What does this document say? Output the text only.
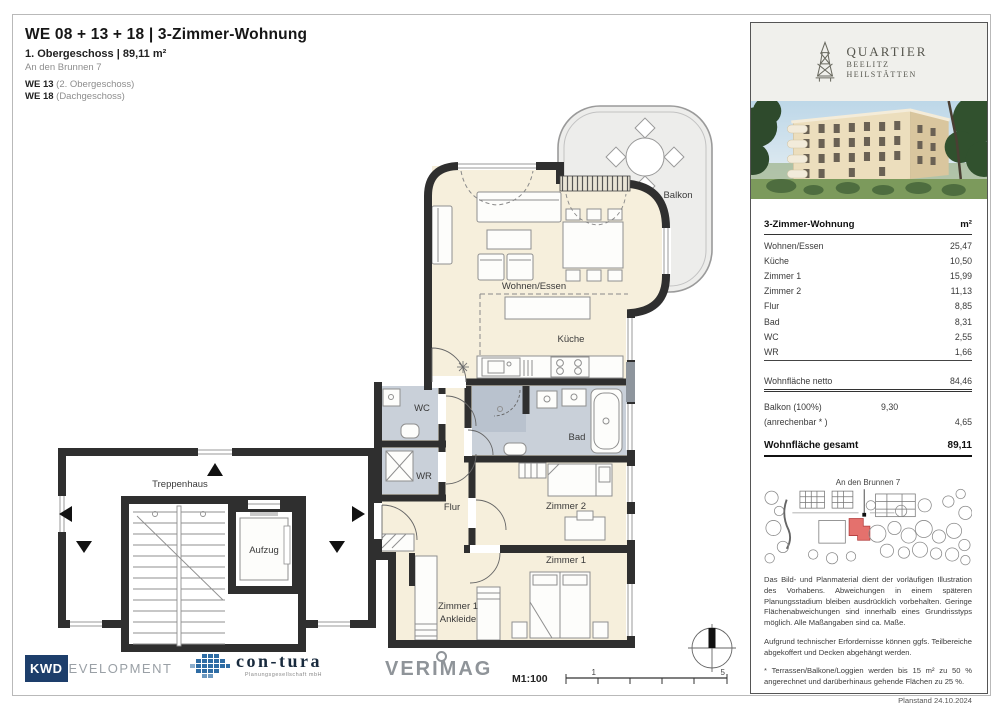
WE 08 + 13 + 18 | 3-Zimmer-Wohnung
1. Obergeschoss | 89,11 m²
An den Brunnen 7
WE 13 (2. Obergeschoss)
WE 18 (Dachgeschoss)
Wohnen/Essen
Küche
WC
WR
Bad
Flur	Zimmer 2
Zimmer 1
Zimmer 1
Ankleide
Treppenhaus
Aufzug
Balkon
M1:100
1	5
QUARTIER
BEELITZ
HEILSTÄTTEN
3-Zimmer-Wohnung	m²
Wohnen/Essen	25,47
Küche	10,50
Zimmer 1	15,99
Zimmer 2	11,13
Flur	8,85
Bad	8,31
WC	2,55
WR	1,66
Wohnfläche netto	84,46
Balkon (100%)	9,30
(anrechenbar * )	4,65
Wohnfläche gesamt	89,11
An den Brunnen 7

Das Bild- und Planmaterial dient der vorläufigen Illustration des Vorhabens. Abweichungen in einem späteren Planungsstadium bleiben ausdrücklich vorbehalten. Geringe Flächenabweichungen sind innerhalb eines Grundrisstyps möglich. Alle Maßangaben sind ca. Maße.

Aufgrund technischer Erfordernisse können ggfs. Teilbereiche abgekoffert und Decken abgehängt werden.

* Terrassen/Balkone/Loggien werden bis 15 m² zu 50 % angerechnet und darüberhinaus gehende Flächen zu 25 %.

Planstand 24.10.2024
KWD EVELOPMENT	con-tura
Planungsgesellschaft mbH	VERIMAG
